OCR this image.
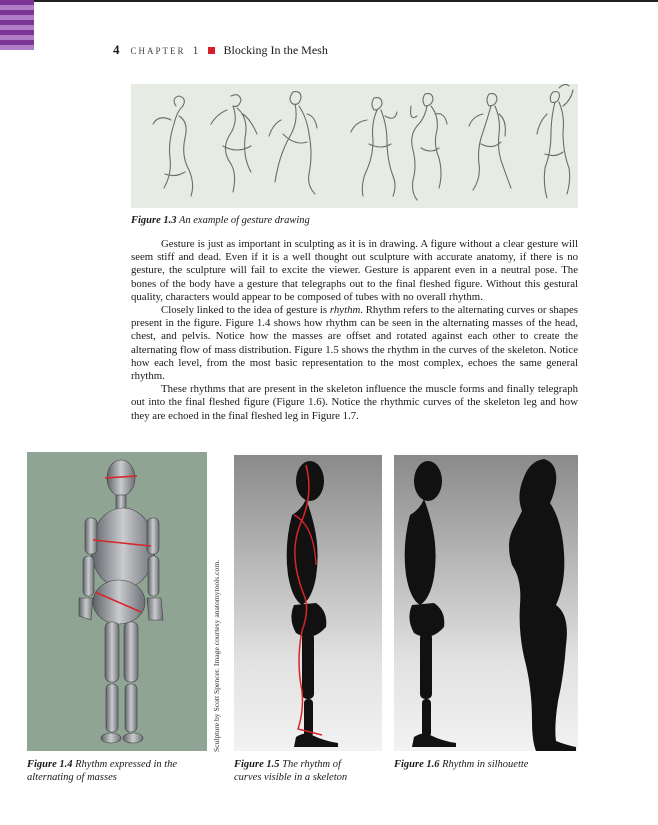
4 CHAPTER 1 Blocking In the Mesh
Figure 1.3 An example of gesture drawing

Gesture is just as important in sculpting as it is in drawing. A figure without a clear gesture will seem stiff and dead. Even if it is a well thought out sculpture with accurate anatomy, if there is no gesture, the sculpture will fail to excite the viewer. Gesture is apparent even in a neutral pose. The bones of the body have a gesture that telegraphs out to the final fleshed figure. Without this gestural quality, characters would appear to be composed of tubes with no overall rhythm.

Closely linked to the idea of gesture is rhythm. Rhythm refers to the alternating curves or shapes present in the figure. Figure 1.4 shows how rhythm can be seen in the alternating masses of the head, chest, and pelvis. Notice how the masses are offset and rotated against each other to create the alternating flow of mass distribution. Figure 1.5 shows the rhythm in the curves of the skeleton. Notice how each level, from the most basic representation to the most complex, echoes the same general rhythm.

These rhythms that are present in the skeleton influence the muscle forms and finally telegraph out into the final fleshed figure (Figure 1.6). Notice the rhythmic curves of the skeleton leg and how they are echoed in the final fleshed leg in Figure 1.7.

Sculpture by Scott Spencer. Image courtesy anatomytools.com.
Figure 1.4 Rhythm expressed in the
alternating of masses
Figure 1.5 The rhythm of
curves visible in a skeleton
Figure 1.6 Rhythm in silhouette
